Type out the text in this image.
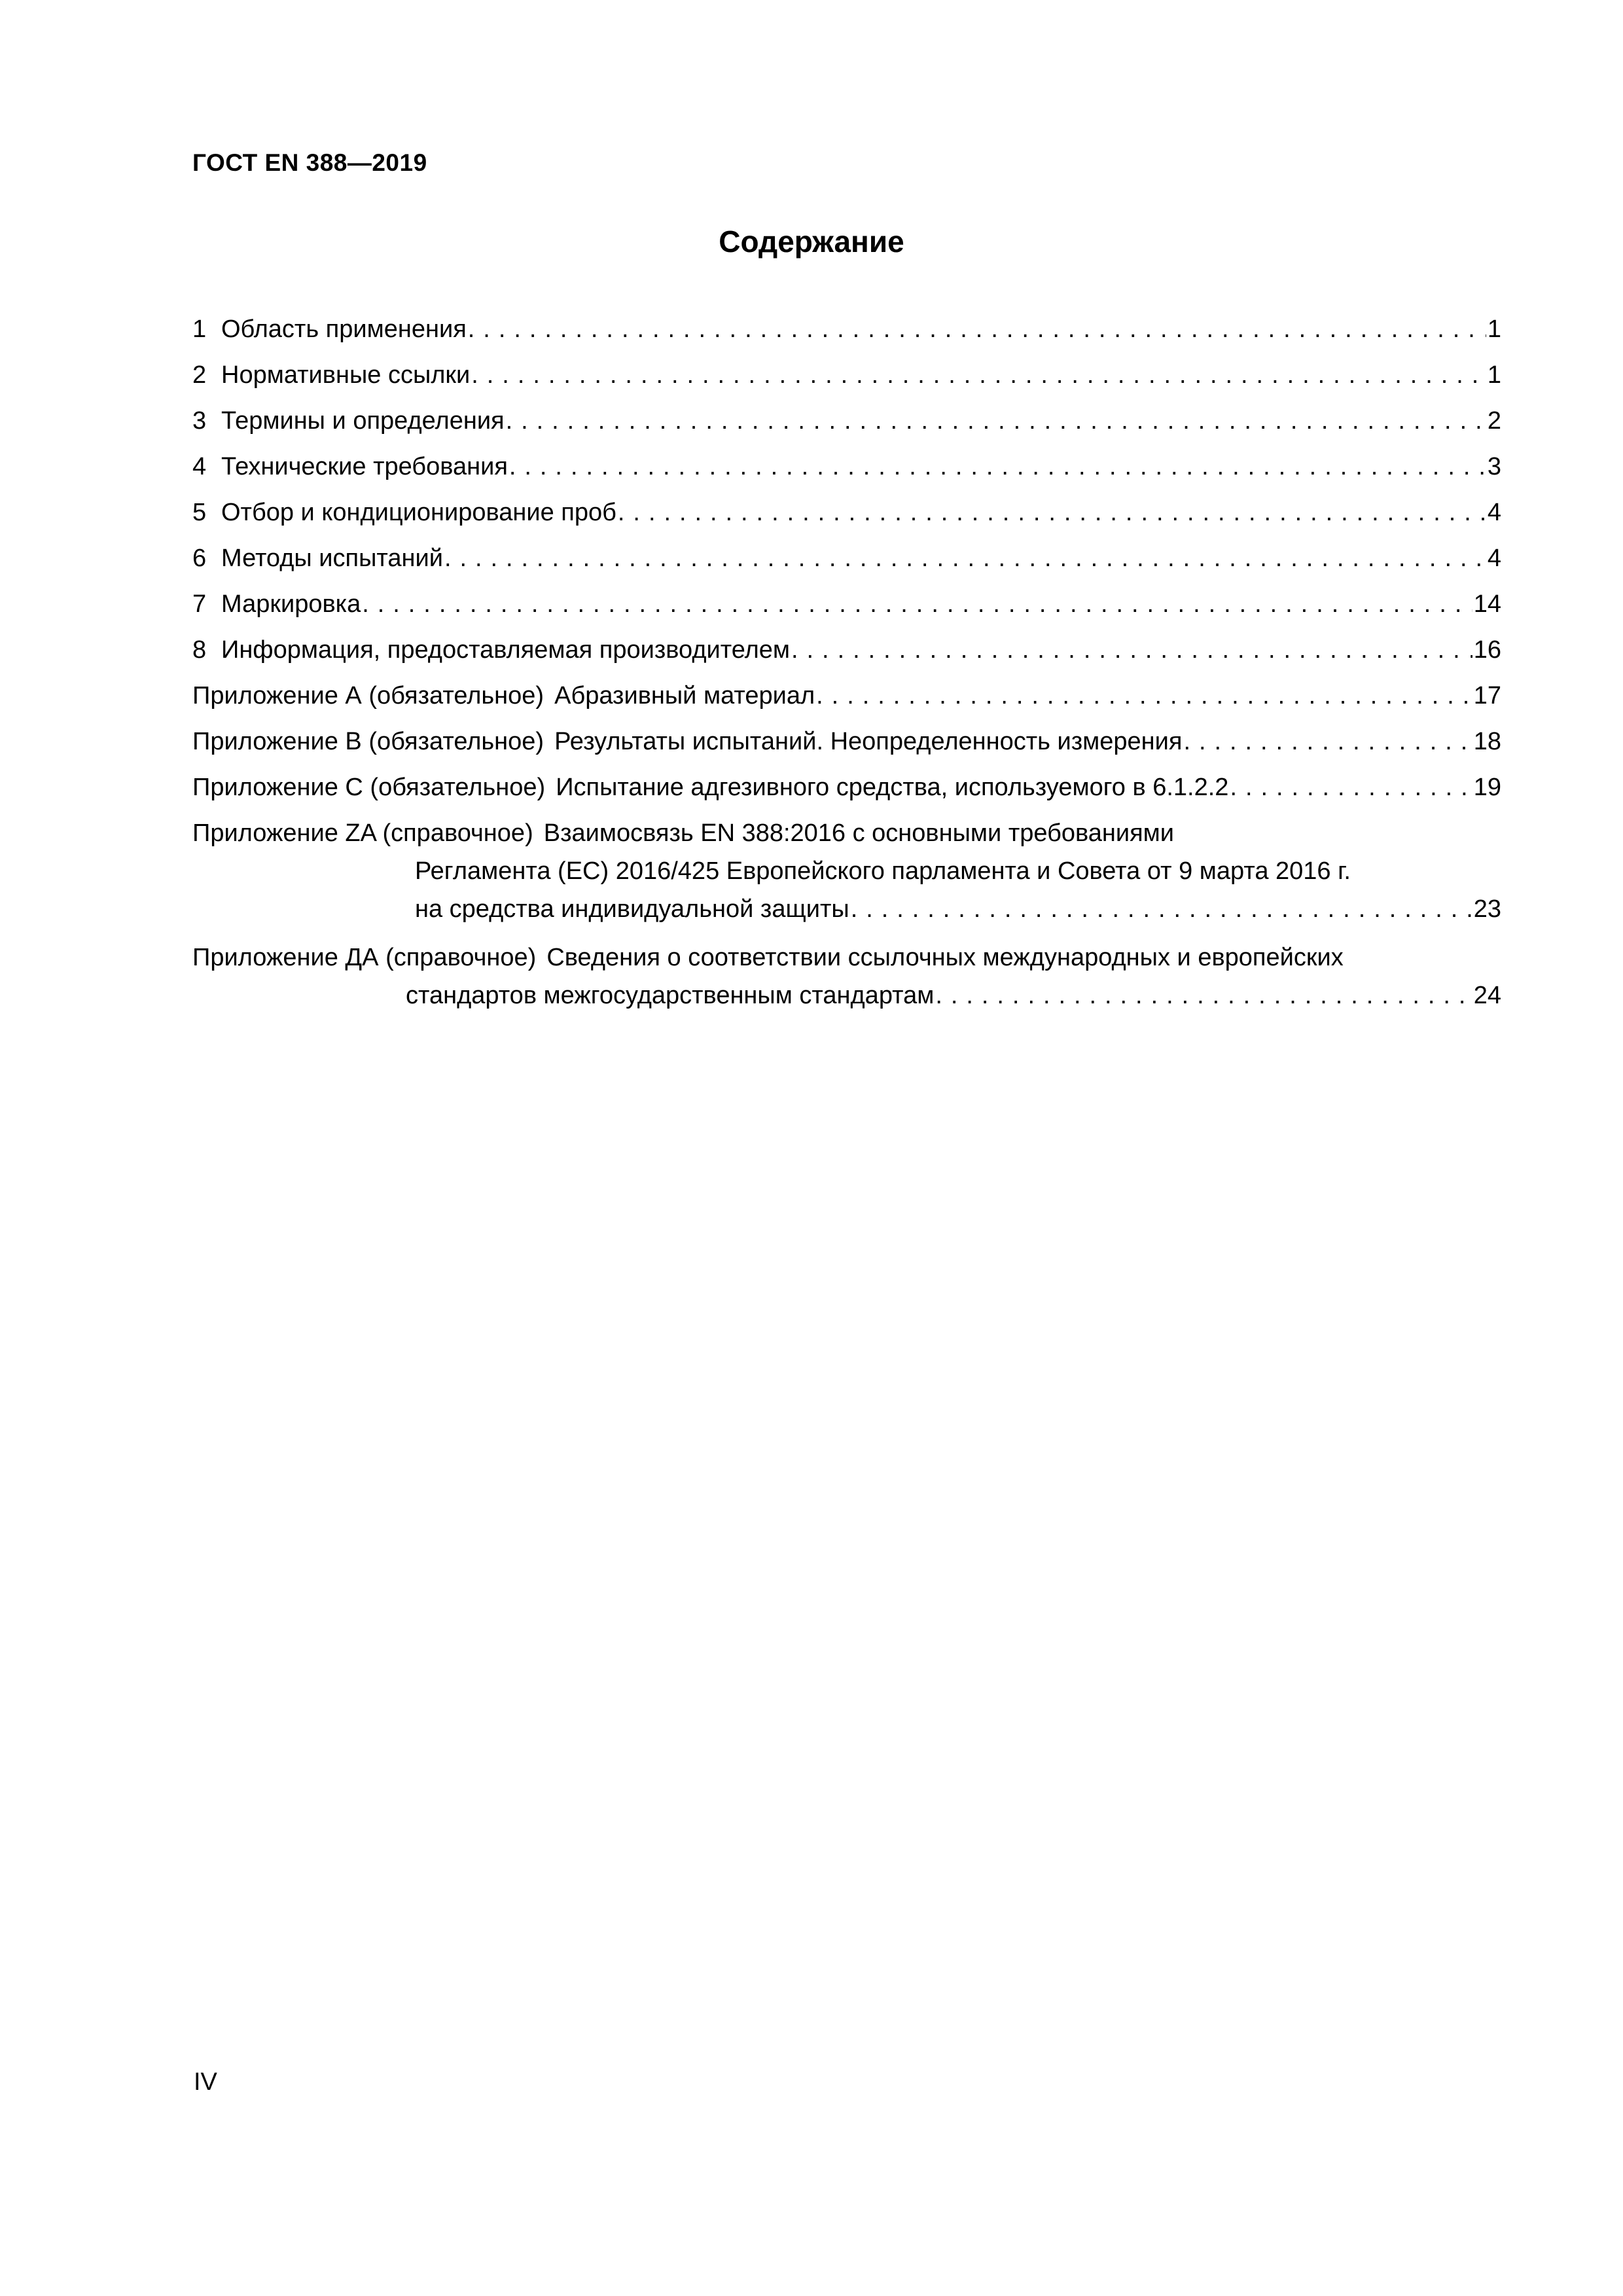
ГОСТ EN 388—2019
Содержание
1 Область применения . . .	1
2 Нормативные ссылки . . .	1
3 Термины и определения . . .	2
4 Технические требования . . .	3
5 Отбор и кондиционирование проб . . .	4
6 Методы испытаний . . .	4
7 Маркировка . . .	14
8 Информация, предоставляемая производителем . . .	16
Приложение А (обязательное) Абразивный материал . . .	17
Приложение В (обязательное) Результаты испытаний. Неопределенность измерения . . .	18
Приложение С (обязательное) Испытание адгезивного средства, используемого в 6.1.2.2 . . .	19
Приложение ZA (справочное) Взаимосвязь EN 388:2016 с основными требованиями
Регламента (ЕС) 2016/425 Европейского парламента и Совета от 9 марта 2016 г.
на средства индивидуальной защиты . . .	23
Приложение ДА (справочное) Сведения о соответствии ссылочных международных и европейских
стандартов межгосударственным стандартам . . .	24
IV
